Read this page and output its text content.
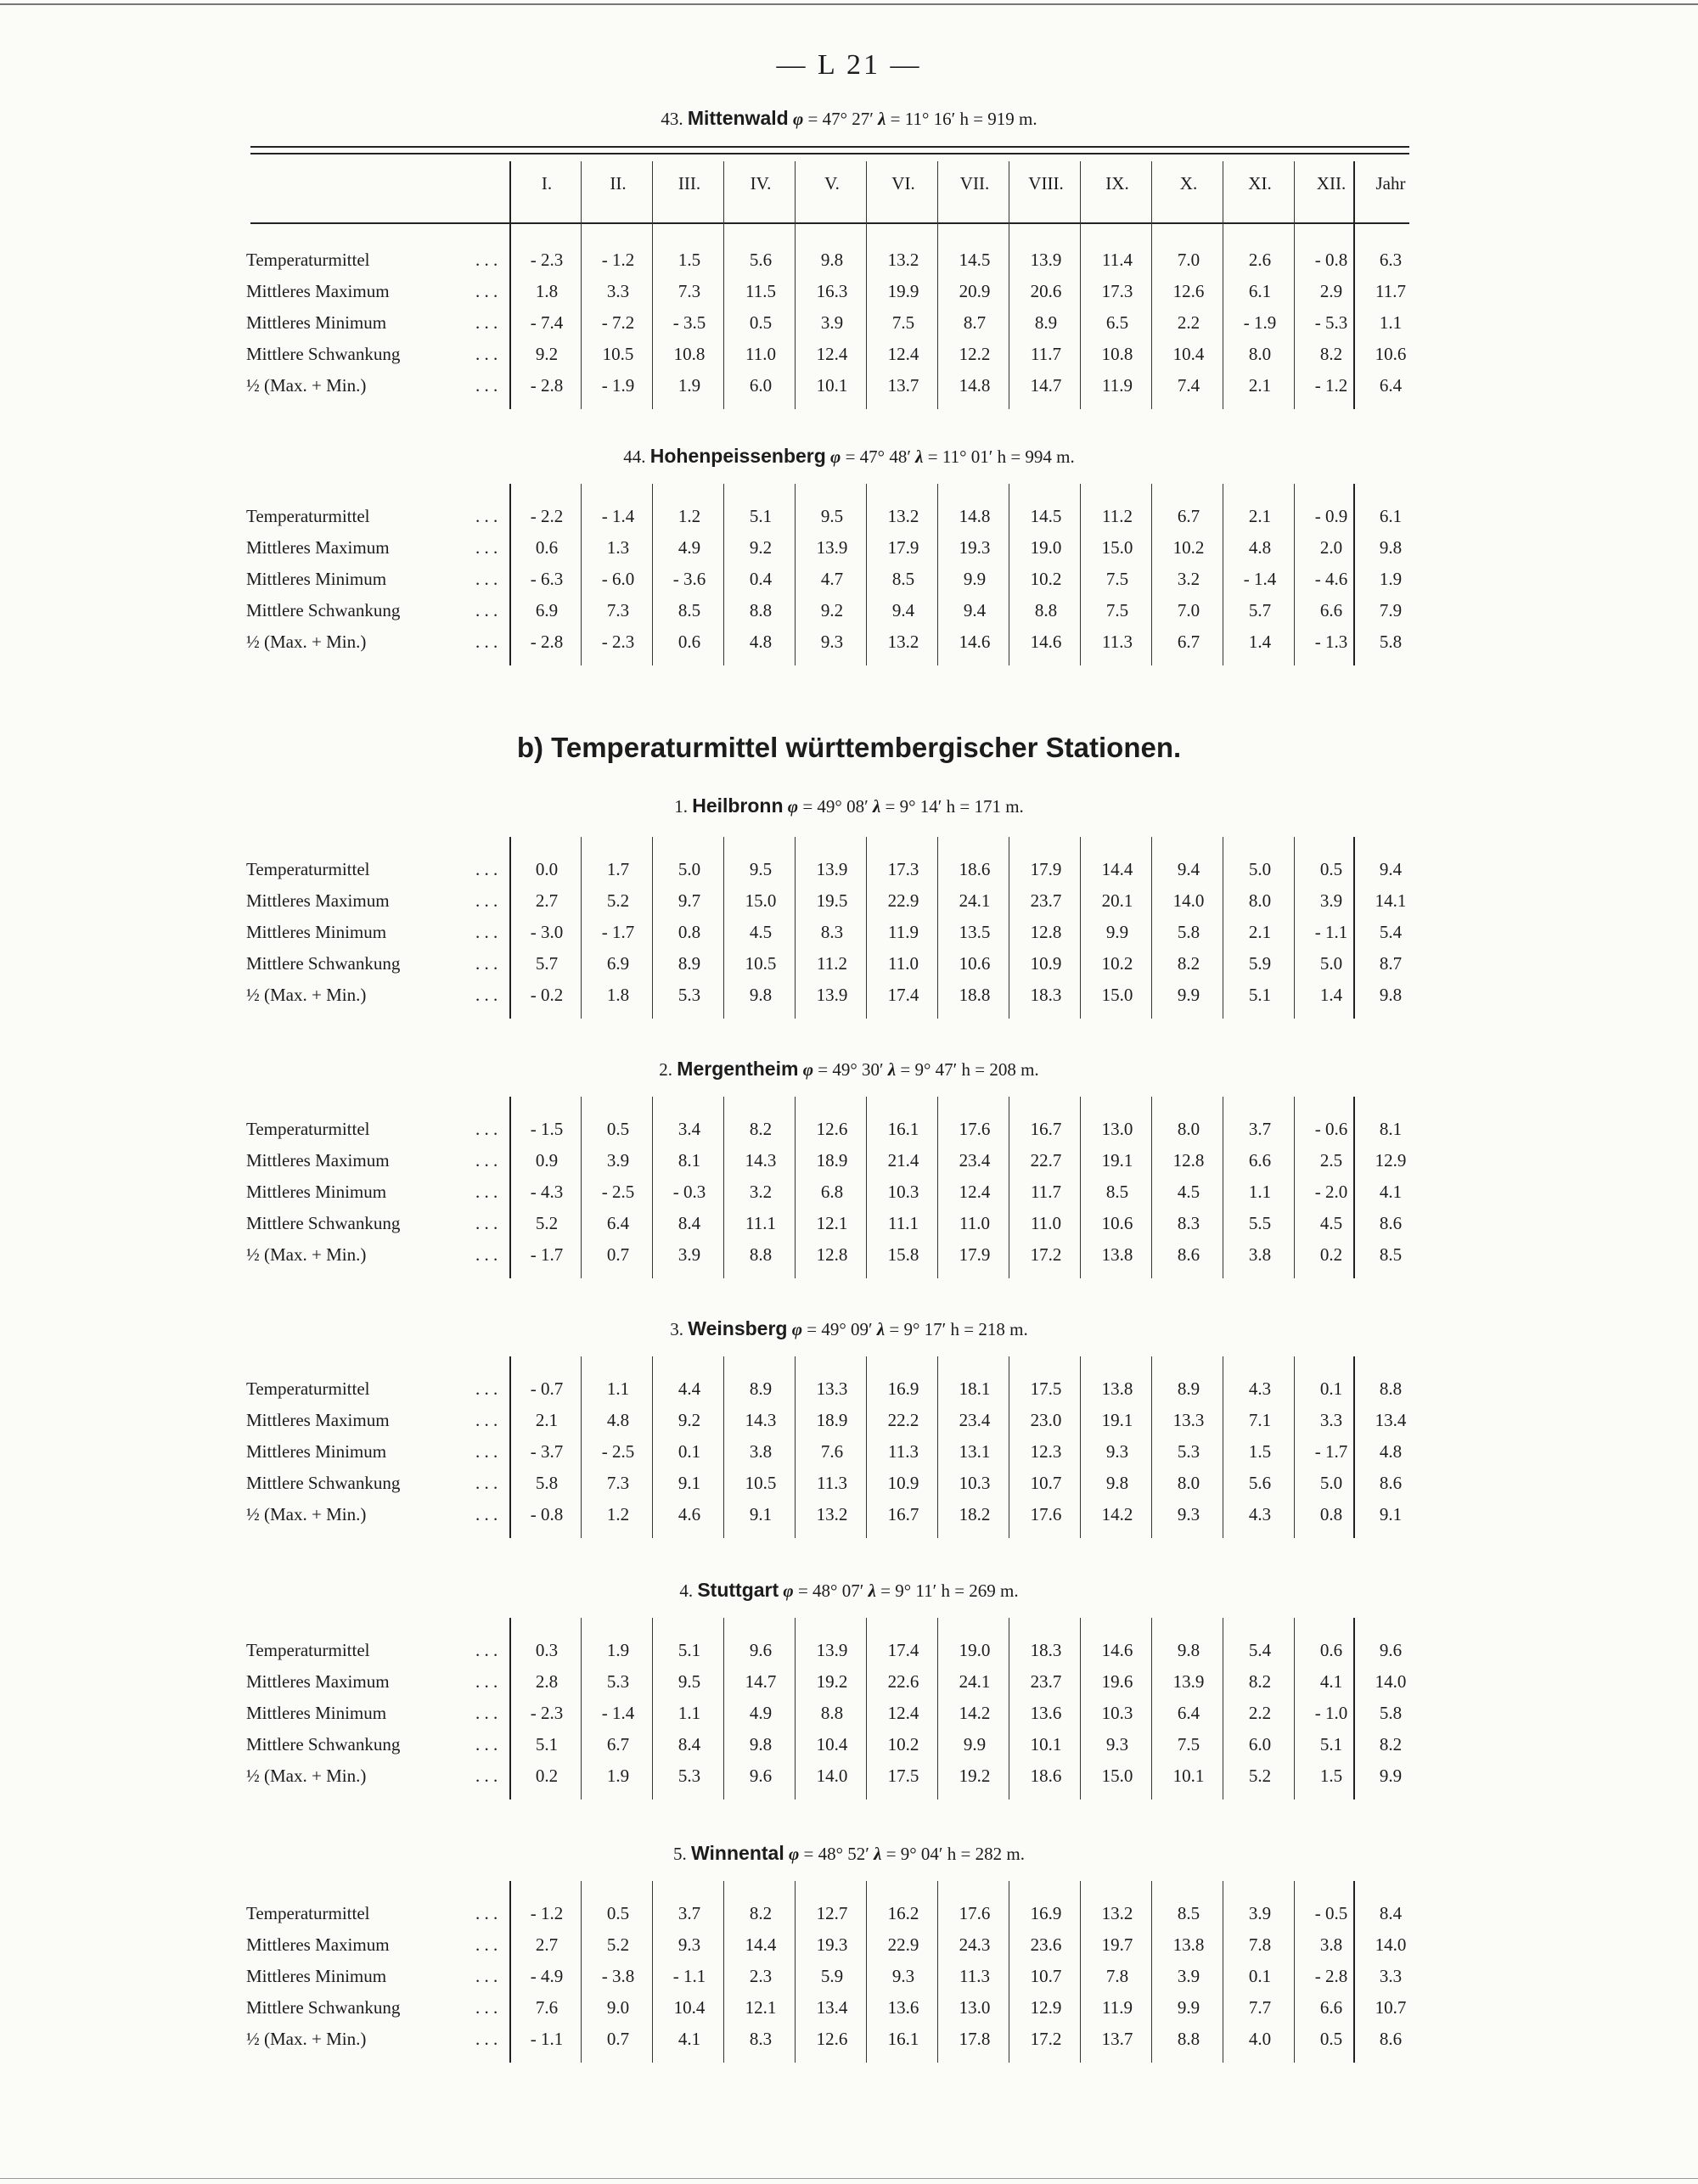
— L 21 —
b) Temperaturmittel württembergischer Stationen.
43. Mittenwald φ = 47° 27′ λ = 11° 16′ h = 919 m.
I.	II.	III.	IV.	V.	VI.	VII.	VIII.	IX.	X.	XI.	XII.	Jahr
Temperaturmittel	. . .	- 2.3	- 1.2	1.5	5.6	9.8	13.2	14.5	13.9	11.4	7.0	2.6	- 0.8	6.3
Mittleres Maximum	. . .	1.8	3.3	7.3	11.5	16.3	19.9	20.9	20.6	17.3	12.6	6.1	2.9	11.7
Mittleres Minimum	. . .	- 7.4	- 7.2	- 3.5	0.5	3.9	7.5	8.7	8.9	6.5	2.2	- 1.9	- 5.3	1.1
Mittlere Schwankung	. . .	9.2	10.5	10.8	11.0	12.4	12.4	12.2	11.7	10.8	10.4	8.0	8.2	10.6
½ (Max. + Min.)	. . .	- 2.8	- 1.9	1.9	6.0	10.1	13.7	14.8	14.7	11.9	7.4	2.1	- 1.2	6.4
44. Hohenpeissenberg φ = 47° 48′ λ = 11° 01′ h = 994 m.
Temperaturmittel	. . .	- 2.2	- 1.4	1.2	5.1	9.5	13.2	14.8	14.5	11.2	6.7	2.1	- 0.9	6.1
Mittleres Maximum	. . .	0.6	1.3	4.9	9.2	13.9	17.9	19.3	19.0	15.0	10.2	4.8	2.0	9.8
Mittleres Minimum	. . .	- 6.3	- 6.0	- 3.6	0.4	4.7	8.5	9.9	10.2	7.5	3.2	- 1.4	- 4.6	1.9
Mittlere Schwankung	. . .	6.9	7.3	8.5	8.8	9.2	9.4	9.4	8.8	7.5	7.0	5.7	6.6	7.9
½ (Max. + Min.)	. . .	- 2.8	- 2.3	0.6	4.8	9.3	13.2	14.6	14.6	11.3	6.7	1.4	- 1.3	5.8
1. Heilbronn φ = 49° 08′ λ = 9° 14′ h = 171 m.
Temperaturmittel	. . .	0.0	1.7	5.0	9.5	13.9	17.3	18.6	17.9	14.4	9.4	5.0	0.5	9.4
Mittleres Maximum	. . .	2.7	5.2	9.7	15.0	19.5	22.9	24.1	23.7	20.1	14.0	8.0	3.9	14.1
Mittleres Minimum	. . .	- 3.0	- 1.7	0.8	4.5	8.3	11.9	13.5	12.8	9.9	5.8	2.1	- 1.1	5.4
Mittlere Schwankung	. . .	5.7	6.9	8.9	10.5	11.2	11.0	10.6	10.9	10.2	8.2	5.9	5.0	8.7
½ (Max. + Min.)	. . .	- 0.2	1.8	5.3	9.8	13.9	17.4	18.8	18.3	15.0	9.9	5.1	1.4	9.8
2. Mergentheim φ = 49° 30′ λ = 9° 47′ h = 208 m.
Temperaturmittel	. . .	- 1.5	0.5	3.4	8.2	12.6	16.1	17.6	16.7	13.0	8.0	3.7	- 0.6	8.1
Mittleres Maximum	. . .	0.9	3.9	8.1	14.3	18.9	21.4	23.4	22.7	19.1	12.8	6.6	2.5	12.9
Mittleres Minimum	. . .	- 4.3	- 2.5	- 0.3	3.2	6.8	10.3	12.4	11.7	8.5	4.5	1.1	- 2.0	4.1
Mittlere Schwankung	. . .	5.2	6.4	8.4	11.1	12.1	11.1	11.0	11.0	10.6	8.3	5.5	4.5	8.6
½ (Max. + Min.)	. . .	- 1.7	0.7	3.9	8.8	12.8	15.8	17.9	17.2	13.8	8.6	3.8	0.2	8.5
3. Weinsberg φ = 49° 09′ λ = 9° 17′ h = 218 m.
Temperaturmittel	. . .	- 0.7	1.1	4.4	8.9	13.3	16.9	18.1	17.5	13.8	8.9	4.3	0.1	8.8
Mittleres Maximum	. . .	2.1	4.8	9.2	14.3	18.9	22.2	23.4	23.0	19.1	13.3	7.1	3.3	13.4
Mittleres Minimum	. . .	- 3.7	- 2.5	0.1	3.8	7.6	11.3	13.1	12.3	9.3	5.3	1.5	- 1.7	4.8
Mittlere Schwankung	. . .	5.8	7.3	9.1	10.5	11.3	10.9	10.3	10.7	9.8	8.0	5.6	5.0	8.6
½ (Max. + Min.)	. . .	- 0.8	1.2	4.6	9.1	13.2	16.7	18.2	17.6	14.2	9.3	4.3	0.8	9.1
4. Stuttgart φ = 48° 07′ λ = 9° 11′ h = 269 m.
Temperaturmittel	. . .	0.3	1.9	5.1	9.6	13.9	17.4	19.0	18.3	14.6	9.8	5.4	0.6	9.6
Mittleres Maximum	. . .	2.8	5.3	9.5	14.7	19.2	22.6	24.1	23.7	19.6	13.9	8.2	4.1	14.0
Mittleres Minimum	. . .	- 2.3	- 1.4	1.1	4.9	8.8	12.4	14.2	13.6	10.3	6.4	2.2	- 1.0	5.8
Mittlere Schwankung	. . .	5.1	6.7	8.4	9.8	10.4	10.2	9.9	10.1	9.3	7.5	6.0	5.1	8.2
½ (Max. + Min.)	. . .	0.2	1.9	5.3	9.6	14.0	17.5	19.2	18.6	15.0	10.1	5.2	1.5	9.9
5. Winnental φ = 48° 52′ λ = 9° 04′ h = 282 m.
Temperaturmittel	. . .	- 1.2	0.5	3.7	8.2	12.7	16.2	17.6	16.9	13.2	8.5	3.9	- 0.5	8.4
Mittleres Maximum	. . .	2.7	5.2	9.3	14.4	19.3	22.9	24.3	23.6	19.7	13.8	7.8	3.8	14.0
Mittleres Minimum	. . .	- 4.9	- 3.8	- 1.1	2.3	5.9	9.3	11.3	10.7	7.8	3.9	0.1	- 2.8	3.3
Mittlere Schwankung	. . .	7.6	9.0	10.4	12.1	13.4	13.6	13.0	12.9	11.9	9.9	7.7	6.6	10.7
½ (Max. + Min.)	. . .	- 1.1	0.7	4.1	8.3	12.6	16.1	17.8	17.2	13.7	8.8	4.0	0.5	8.6
